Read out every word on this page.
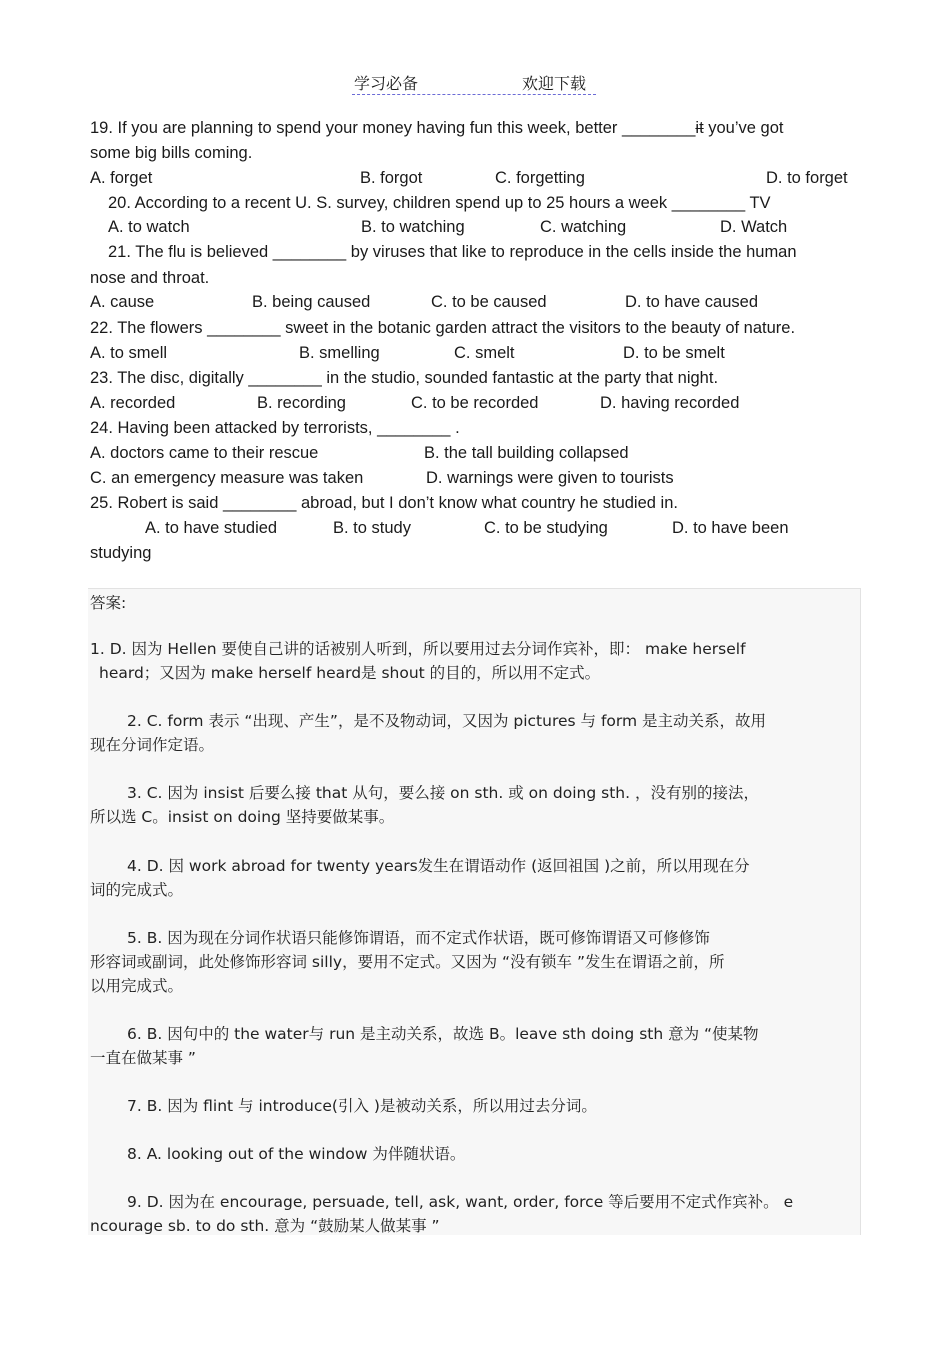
学习必备	欢迎下载
19. If you are planning to spend your money having fun this week, better ________it you’ve got
some big bills coming.
A. forget	B. forgot	C. forgetting	D. to forget
20. According to a recent U. S. survey, children spend up to 25 hours a week ________ TV
A. to watch	B. to watching	C. watching	D. Watch
21. The flu is believed ________ by viruses that like to reproduce in the cells inside the human
nose and throat.
A. cause	B. being caused	C. to be caused	D. to have caused
22. The flowers ________ sweet in the botanic garden attract the visitors to the beauty of nature.
A. to smell	B. smelling	C. smelt	D. to be smelt
23. The disc, digitally ________ in the studio, sounded fantastic at the party that night.
A. recorded	B. recording	C. to be recorded	D. having recorded
24. Having been attacked by terrorists, ________ .
A. doctors came to their rescue	B. the tall building collapsed
C. an emergency measure was taken	D. warnings were given to tourists
25. Robert is said ________ abroad, but I don’t know what country he studied in.
A. to have studied	B. to study	C. to be studying	D. to have been
studying
答案:
1. D. 因为 Hellen 要使自己讲的话被别人听到，所以要用过去分词作宾补，即： make herself
heard；又因为 make herself heard是 shout 的目的，所以用不定式。
2. C. form 表示 “出现、产生”，是不及物动词，又因为 pictures 与 form 是主动关系，故用
现在分词作定语。
3. C. 因为 insist 后要么接 that 从句，要么接 on sth. 或 on doing sth. ，没有别的接法，
所以选 C。insist on doing 坚持要做某事。
4. D. 因 work abroad for twenty years发生在谓语动作 (返回祖国 )之前，所以用现在分
词的完成式。
5. B. 因为现在分词作状语只能修饰谓语，而不定式作状语，既可修饰谓语又可修修饰
形容词或副词，此处修饰形容词 silly，要用不定式。又因为 “没有锁车 ”发生在谓语之前，所
以用完成式。
6. B. 因句中的 the water与 run 是主动关系，故选 B。leave sth doing sth 意为 “使某物
一直在做某事 ”
7. B. 因为 flint 与 introduce(引入 )是被动关系，所以用过去分词。
8. A. looking out of the window 为伴随状语。
9. D. 因为在 encourage, persuade, tell, ask, want, order, force 等后要用不定式作宾补。 e
ncourage sb. to do sth. 意为 “鼓励某人做某事 ”
